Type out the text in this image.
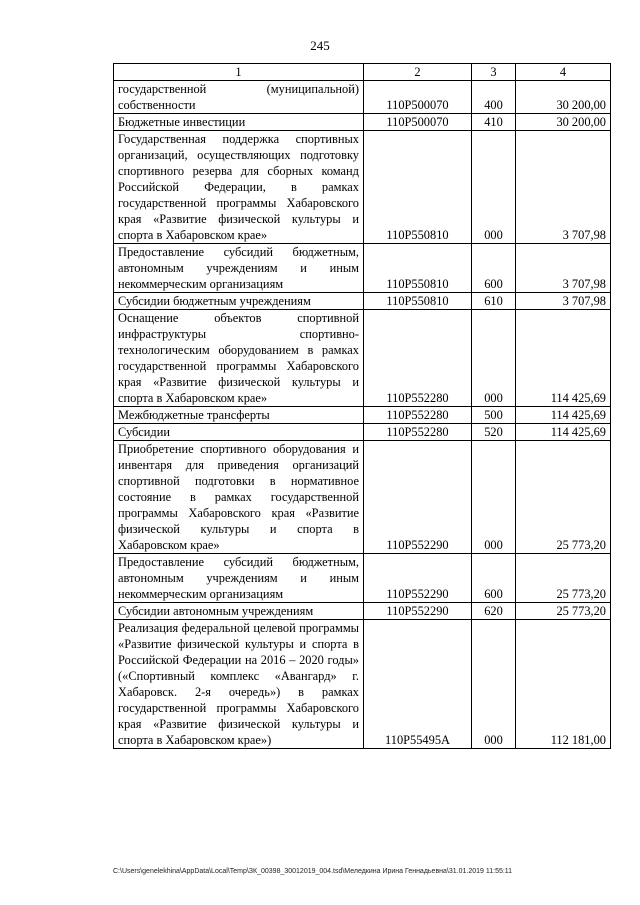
245
1	2	3	4
государственной (муниципальной) собственности	110P500070	400	30 200,00
Бюджетные инвестиции	110P500070	410	30 200,00
Государственная поддержка спортивных организаций, осуществляющих подготовку спортивного резерва для сборных команд Российской Федерации, в рамках государственной программы Хабаровского края «Развитие физической культуры и спорта в Хабаровском крае»	110P550810	000	3 707,98
Предоставление субсидий бюджетным, автономным учреждениям и иным некоммерческим организациям	110P550810	600	3 707,98
Субсидии бюджетным учреждениям	110P550810	610	3 707,98
Оснащение объектов спортивной инфраструктуры спортивно-технологическим оборудованием в рамках государственной программы Хабаровского края «Развитие физической культуры и спорта в Хабаровском крае»	110P552280	000	114 425,69
Межбюджетные трансферты	110P552280	500	114 425,69
Субсидии	110P552280	520	114 425,69
Приобретение спортивного оборудования и инвентаря для приведения организаций спортивной подготовки в нормативное состояние в рамках государственной программы Хабаровского края «Развитие физической культуры и спорта в Хабаровском крае»	110P552290	000	25 773,20
Предоставление субсидий бюджетным, автономным учреждениям и иным некоммерческим организациям	110P552290	600	25 773,20
Субсидии автономным учреждениям	110P552290	620	25 773,20
Реализация федеральной целевой программы «Развитие физической культуры и спорта в Российской Федерации на 2016 – 2020 годы» («Спортивный комплекс «Авангард» г. Хабаровск. 2-я очередь») в рамках государственной программы Хабаровского края «Развитие физической культуры и спорта в Хабаровском крае»)	110P55495A	000	112 181,00
C:\Users\genelekhina\AppData\Local\Temp\ЗК_00398_30012019_004.tsd\Меледкина Ирина Геннадьевна\31.01.2019 11:55:11
